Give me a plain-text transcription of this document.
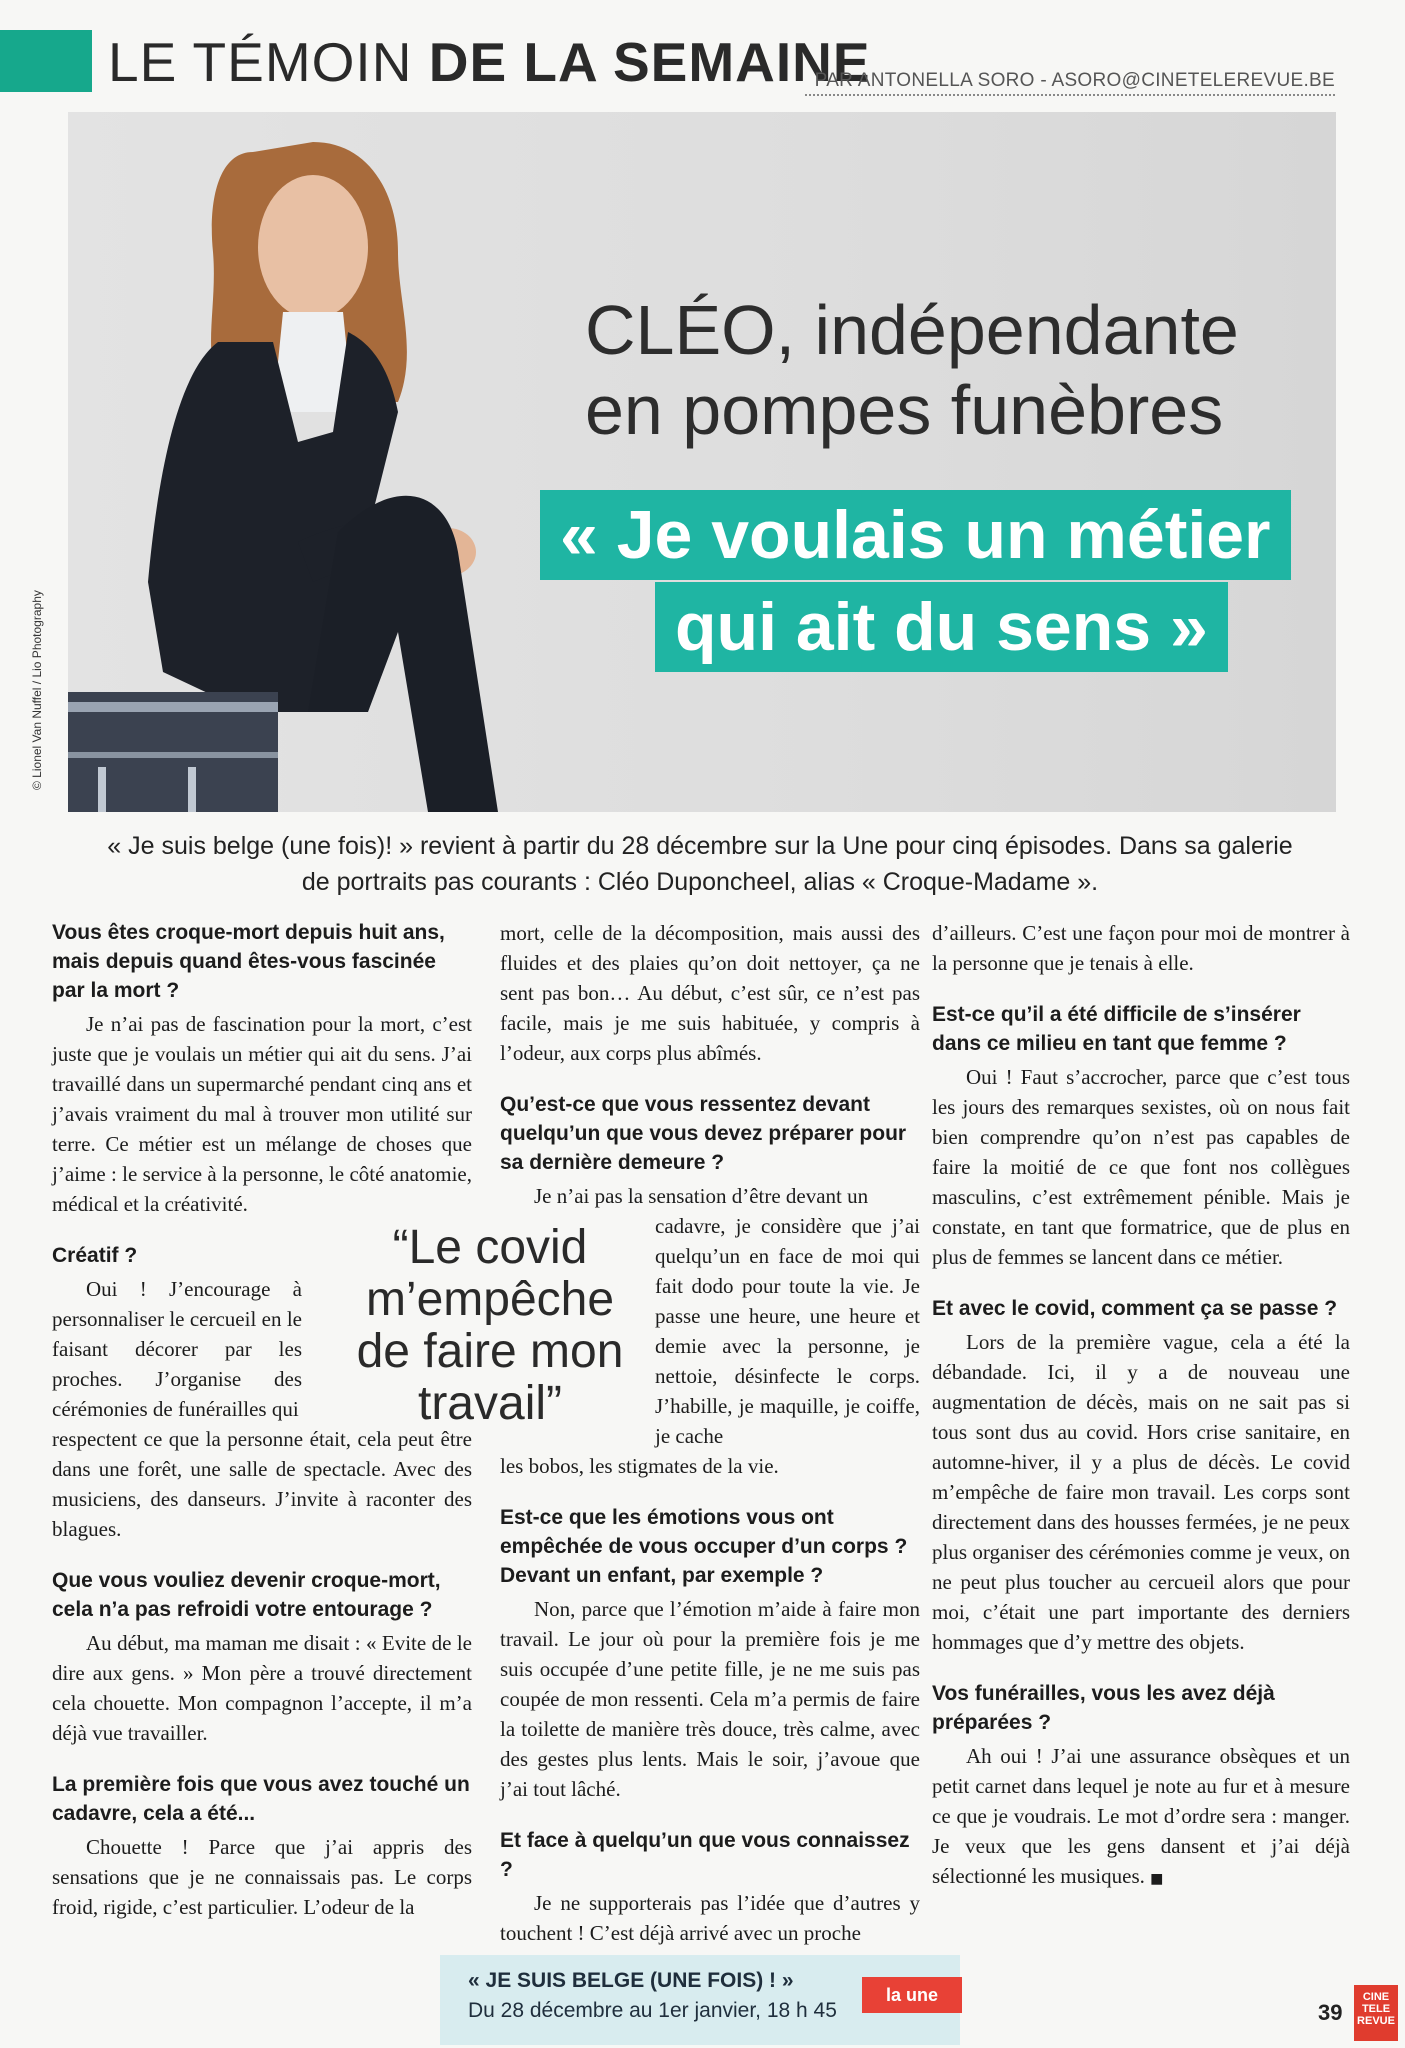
LE TÉMOIN DE LA SEMAINE
PAR ANTONELLA SORO - ASORO@CINETELEREVUE.BE
© Lionel Van Nuffel / Lio Photography
CLÉO, indépendante
en pompes funèbres
« Je voulais un métier
qui ait du sens »
« Je suis belge (une fois)! » revient à partir du 28 décembre sur la Une pour cinq épisodes. Dans sa galerie
de portraits pas courants : Cléo Duponcheel, alias « Croque-Madame ».

Vous êtes croque-mort depuis huit ans, mais depuis quand êtes-vous fascinée par la mort ?

Je n’ai pas de fascination pour la mort, c’est juste que je voulais un métier qui ait du sens. J’ai travaillé dans un supermarché pendant cinq ans et j’avais vraiment du mal à trouver mon utilité sur terre. Ce métier est un mélange de choses que j’aime : le service à la personne, le côté anatomie, médical et la créativité.

Créatif ?

Oui ! J’encourage à personnaliser le cercueil en le faisant décorer par les proches. J’organise des cérémonies de funérailles qui

respectent ce que la personne était, cela peut être dans une forêt, une salle de spectacle. Avec des musiciens, des danseurs. J’invite à raconter des blagues.

Que vous vouliez devenir croque-mort, cela n’a pas refroidi votre entourage ?

Au début, ma maman me disait : « Evite de le dire aux gens. » Mon père a trouvé directement cela chouette. Mon compagnon l’accepte, il m’a déjà vue travailler.

La première fois que vous avez touché un cadavre, cela a été...

Chouette ! Parce que j’ai appris des sensations que je ne connaissais pas. Le corps froid, rigide, c’est particulier. L’odeur de la

“Le covid m’empêche de faire mon travail”

mort, celle de la décomposition, mais aussi des fluides et des plaies qu’on doit nettoyer, ça ne sent pas bon… Au début, c’est sûr, ce n’est pas facile, mais je me suis habituée, y compris à l’odeur, aux corps plus abîmés.

Qu’est-ce que vous ressentez devant quelqu’un que vous devez préparer pour sa dernière demeure ?

Je n’ai pas la sensation d’être devant un

cadavre, je considère que j’ai quelqu’un en face de moi qui fait dodo pour toute la vie. Je passe une heure, une heure et demie avec la personne, je nettoie, désinfecte le corps. J’habille, je maquille, je coiffe, je cache

les bobos, les stigmates de la vie.

Est-ce que les émotions vous ont empêchée de vous occuper d’un corps ? Devant un enfant, par exemple ?

Non, parce que l’émotion m’aide à faire mon travail. Le jour où pour la première fois je me suis occupée d’une petite fille, je ne me suis pas coupée de mon ressenti. Cela m’a permis de faire la toilette de manière très douce, très calme, avec des gestes plus lents. Mais le soir, j’avoue que j’ai tout lâché.

Et face à quelqu’un que vous connaissez ?

Je ne supporterais pas l’idée que d’autres y touchent ! C’est déjà arrivé avec un proche

d’ailleurs. C’est une façon pour moi de montrer à la personne que je tenais à elle.

Est-ce qu’il a été difficile de s’insérer dans ce milieu en tant que femme ?

Oui ! Faut s’accrocher, parce que c’est tous les jours des remarques sexistes, où on nous fait bien comprendre qu’on n’est pas capables de faire la moitié de ce que font nos collègues masculins, c’est extrêmement pénible. Mais je constate, en tant que formatrice, que de plus en plus de femmes se lancent dans ce métier.

Et avec le covid, comment ça se passe ?

Lors de la première vague, cela a été la débandade. Ici, il y a de nouveau une augmentation de décès, mais on ne sait pas si tous sont dus au covid. Hors crise sanitaire, en automne-hiver, il y a plus de décès. Le covid m’empêche de faire mon travail. Les corps sont directement dans des housses fermées, je ne peux plus organiser des cérémonies comme je veux, on ne peut plus toucher au cercueil alors que pour moi, c’était une part importante des derniers hommages que d’y mettre des objets.

Vos funérailles, vous les avez déjà préparées ?

Ah oui ! J’ai une assurance obsèques et un petit carnet dans lequel je note au fur et à mesure ce que je voudrais. Le mot d’ordre sera : manger. Je veux que les gens dansent et j’ai déjà sélectionné les musiques. ■

« JE SUIS BELGE (UNE FOIS) ! »
Du 28 décembre au 1er janvier, 18 h 45
la une
39
CINE TELE REVUE
